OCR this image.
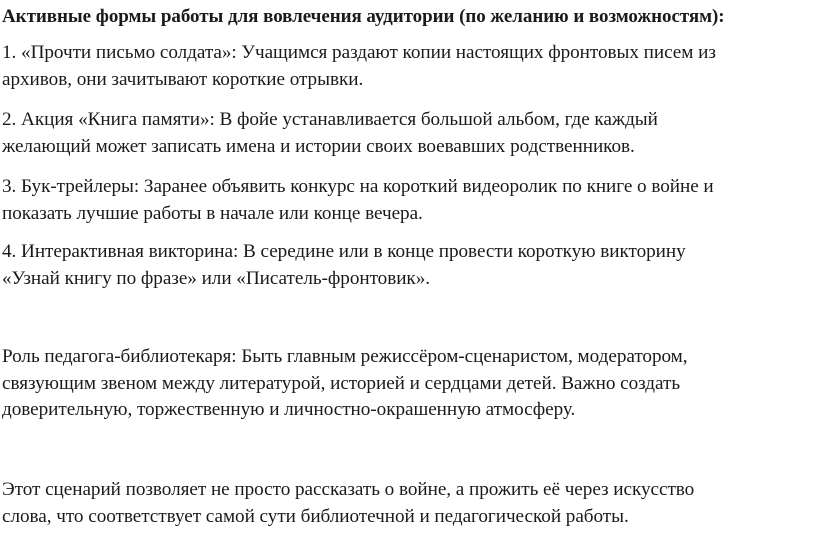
Активные формы работы для вовлечения аудитории (по желанию и возможностям):
1. «Прочти письмо солдата»: Учащимся раздают копии настоящих фронтовых писем из
архивов, они зачитывают короткие отрывки.
2. Акция «Книга памяти»: В фойе устанавливается большой альбом, где каждый
желающий может записать имена и истории своих воевавших родственников.
3. Бук-трейлеры: Заранее объявить конкурс на короткий видеоролик по книге о войне и
показать лучшие работы в начале или конце вечера.
4. Интерактивная викторина: В середине или в конце провести короткую викторину
«Узнай книгу по фразе» или «Писатель-фронтовик».
Роль педагога-библиотекаря: Быть главным режиссёром-сценаристом, модератором,
связующим звеном между литературой, историей и сердцами детей. Важно создать
доверительную, торжественную и личностно-окрашенную атмосферу.
Этот сценарий позволяет не просто рассказать о войне, а прожить её через искусство
слова, что соответствует самой сути библиотечной и педагогической работы.
